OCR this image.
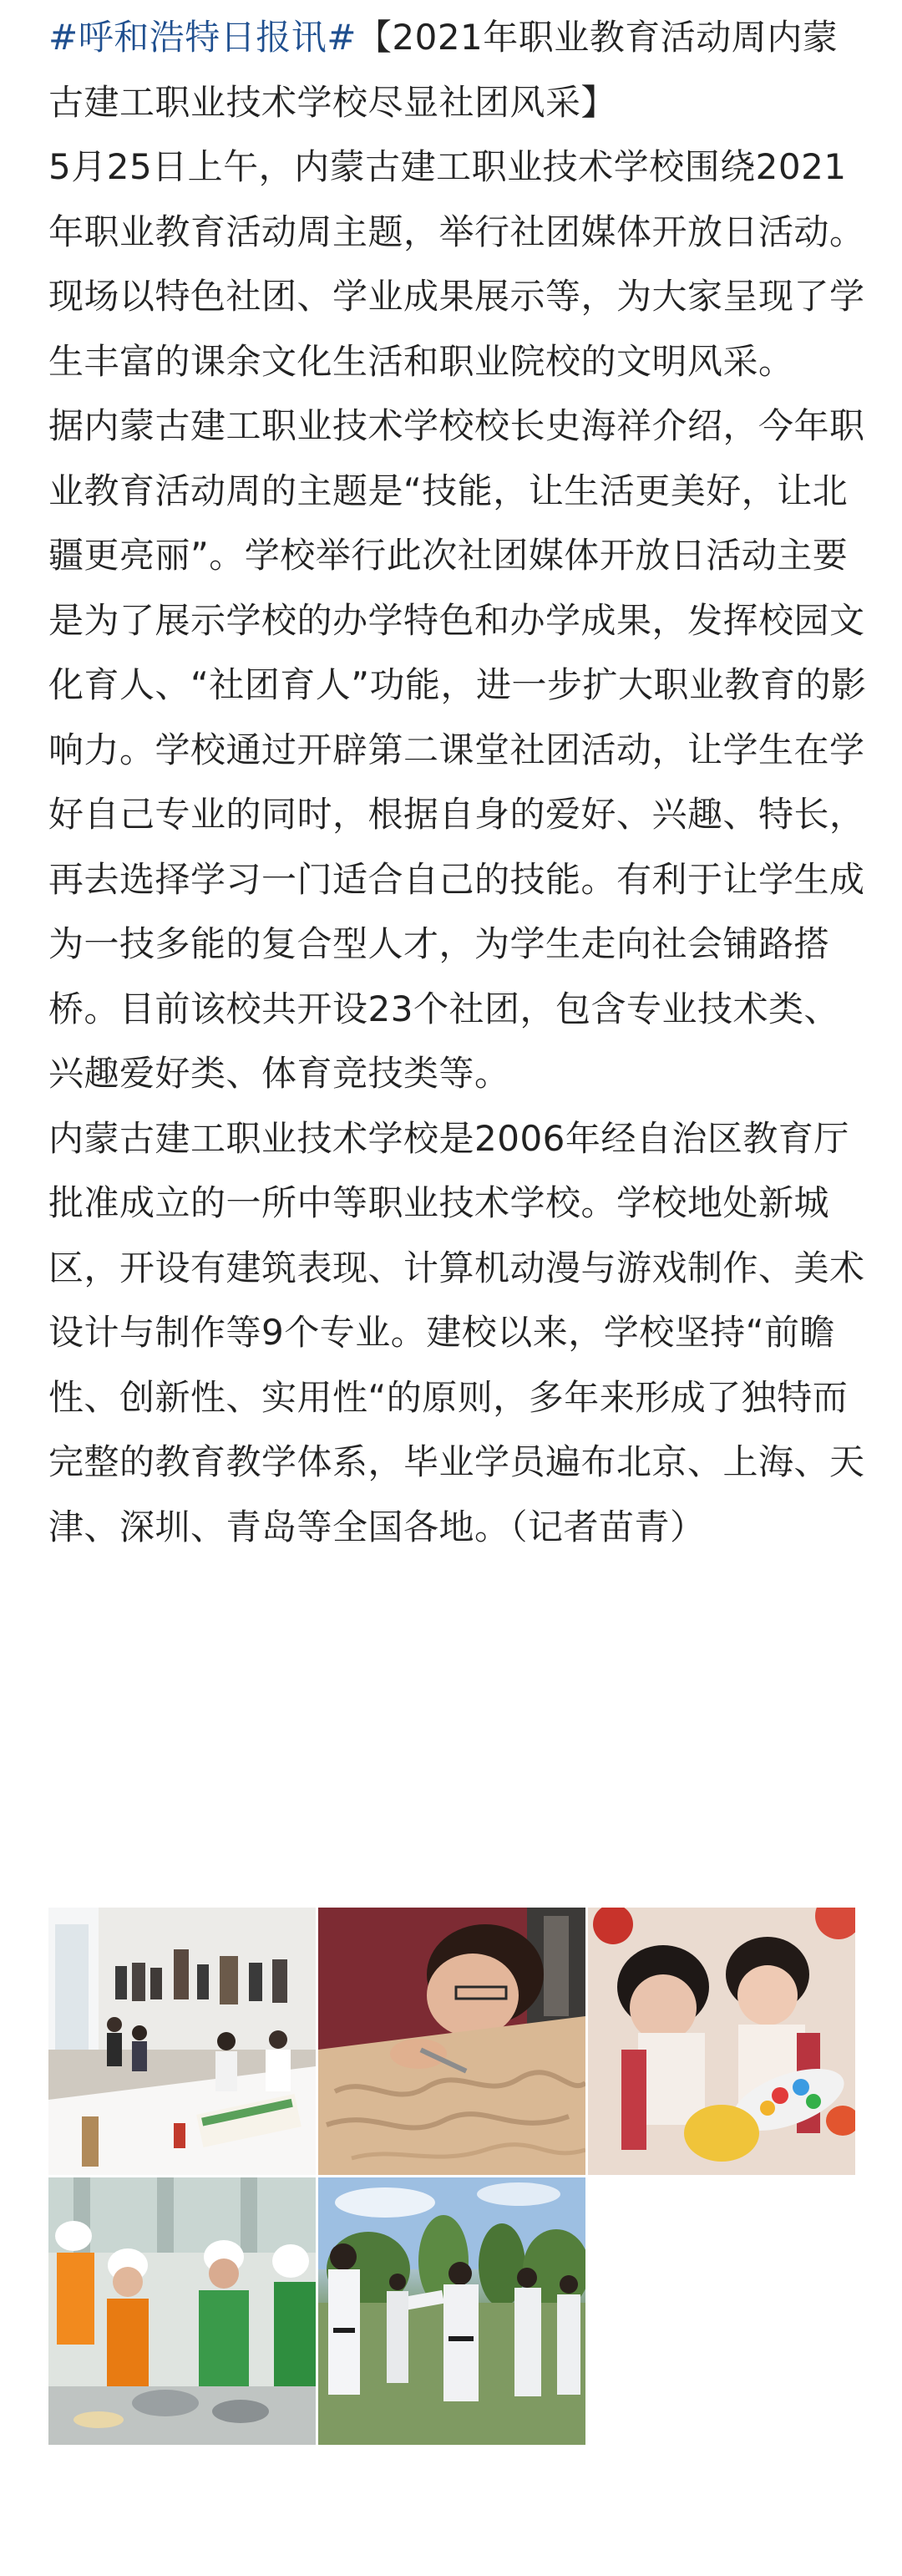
#呼和浩特日报讯#【2021年职业教育活动周内蒙古建工职业技术学校尽显社团风采】

5月25日上午，内蒙古建工职业技术学校围绕2021年职业教育活动周主题，举行社团媒体开放日活动。现场以特色社团、学业成果展示等，为大家呈现了学生丰富的课余文化生活和职业院校的文明风采。

据内蒙古建工职业技术学校校长史海祥介绍，今年职业教育活动周的主题是“技能，让生活更美好，让北疆更亮丽”。学校举行此次社团媒体开放日活动主要是为了展示学校的办学特色和办学成果，发挥校园文化育人、“社团育人”功能，进一步扩大职业教育的影响力。学校通过开辟第二课堂社团活动，让学生在学好自己专业的同时，根据自身的爱好、兴趣、特长，再去选择学习一门适合自己的技能。有利于让学生成为一技多能的复合型人才，为学生走向社会铺路搭桥。目前该校共开设23个社团，包含专业技术类、兴趣爱好类、体育竞技类等。

内蒙古建工职业技术学校是2006年经自治区教育厅批准成立的一所中等职业技术学校。学校地处新城区，开设有建筑表现、计算机动漫与游戏制作、美术设计与制作等9个专业。建校以来，学校坚持“前瞻性、创新性、实用性“的原则，多年来形成了独特而完整的教育教学体系，毕业学员遍布北京、上海、天津、深圳、青岛等全国各地。（记者苗青）
